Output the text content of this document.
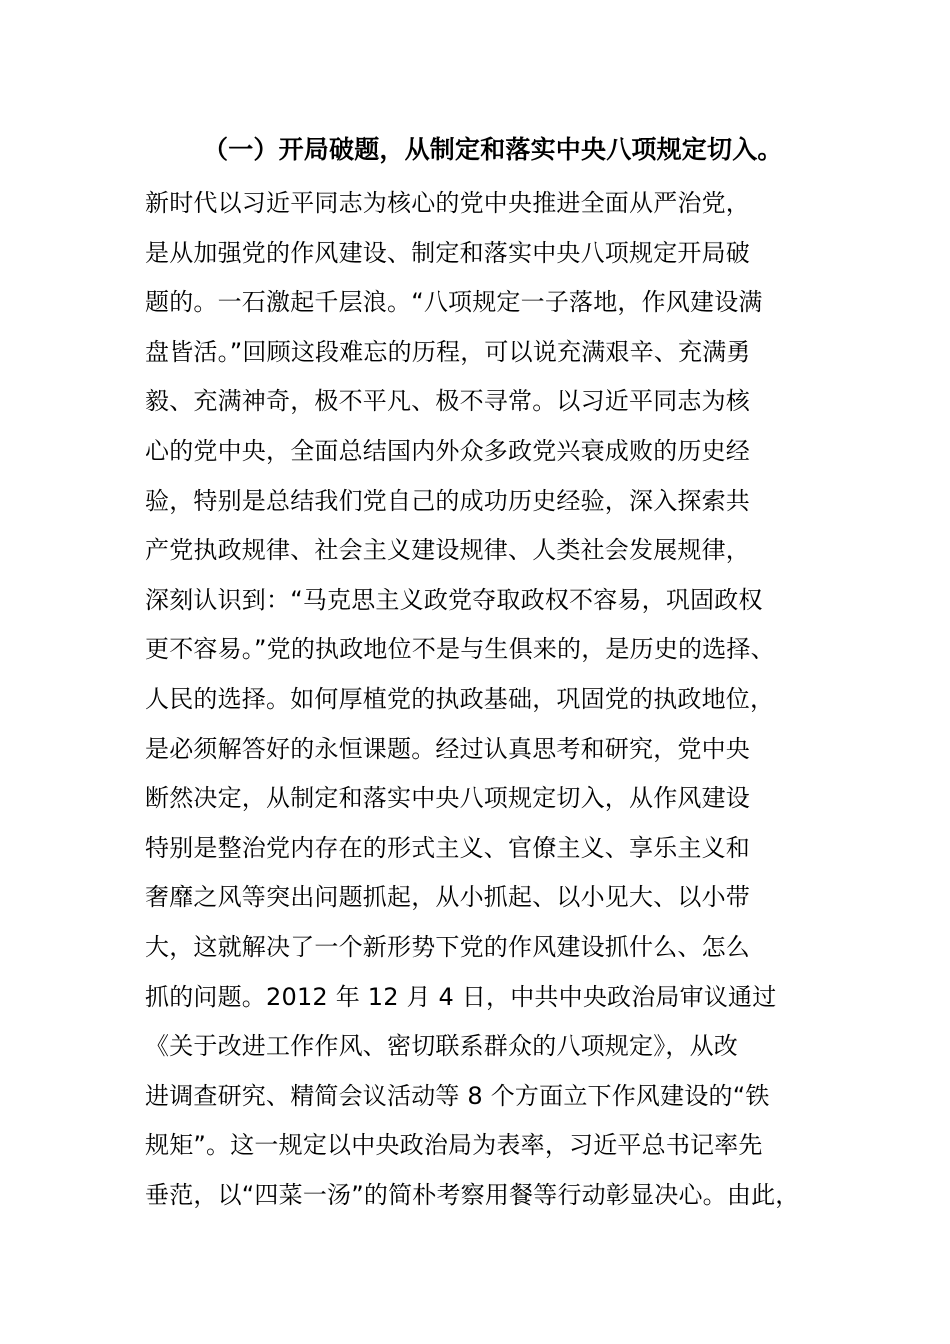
（一）开局破题，从制定和落实中央八项规定切入。
新时代以习近平同志为核心的党中央推进全面从严治党，
是从加强党的作风建设、制定和落实中央八项规定开局破
题的。一石激起千层浪。“八项规定一子落地，作风建设满
盘皆活。”回顾这段难忘的历程，可以说充满艰辛、充满勇
毅、充满神奇，极不平凡、极不寻常。以习近平同志为核
心的党中央，全面总结国内外众多政党兴衰成败的历史经
验，特别是总结我们党自己的成功历史经验，深入探索共
产党执政规律、社会主义建设规律、人类社会发展规律，
深刻认识到：“马克思主义政党夺取政权不容易，巩固政权
更不容易。”党的执政地位不是与生俱来的，是历史的选择、
人民的选择。如何厚植党的执政基础，巩固党的执政地位，
是必须解答好的永恒课题。经过认真思考和研究，党中央
断然决定，从制定和落实中央八项规定切入，从作风建设
特别是整治党内存在的形式主义、官僚主义、享乐主义和
奢靡之风等突出问题抓起，从小抓起、以小见大、以小带
大，这就解决了一个新形势下党的作风建设抓什么、怎么
抓的问题。2012 年 12 月 4 日，中共中央政治局审议通过
《关于改进工作作风、密切联系群众的八项规定》，从改
进调查研究、精简会议活动等 8 个方面立下作风建设的“铁
规矩”。这一规定以中央政治局为表率，习近平总书记率先
垂范，以“四菜一汤”的简朴考察用餐等行动彰显决心。由此，
